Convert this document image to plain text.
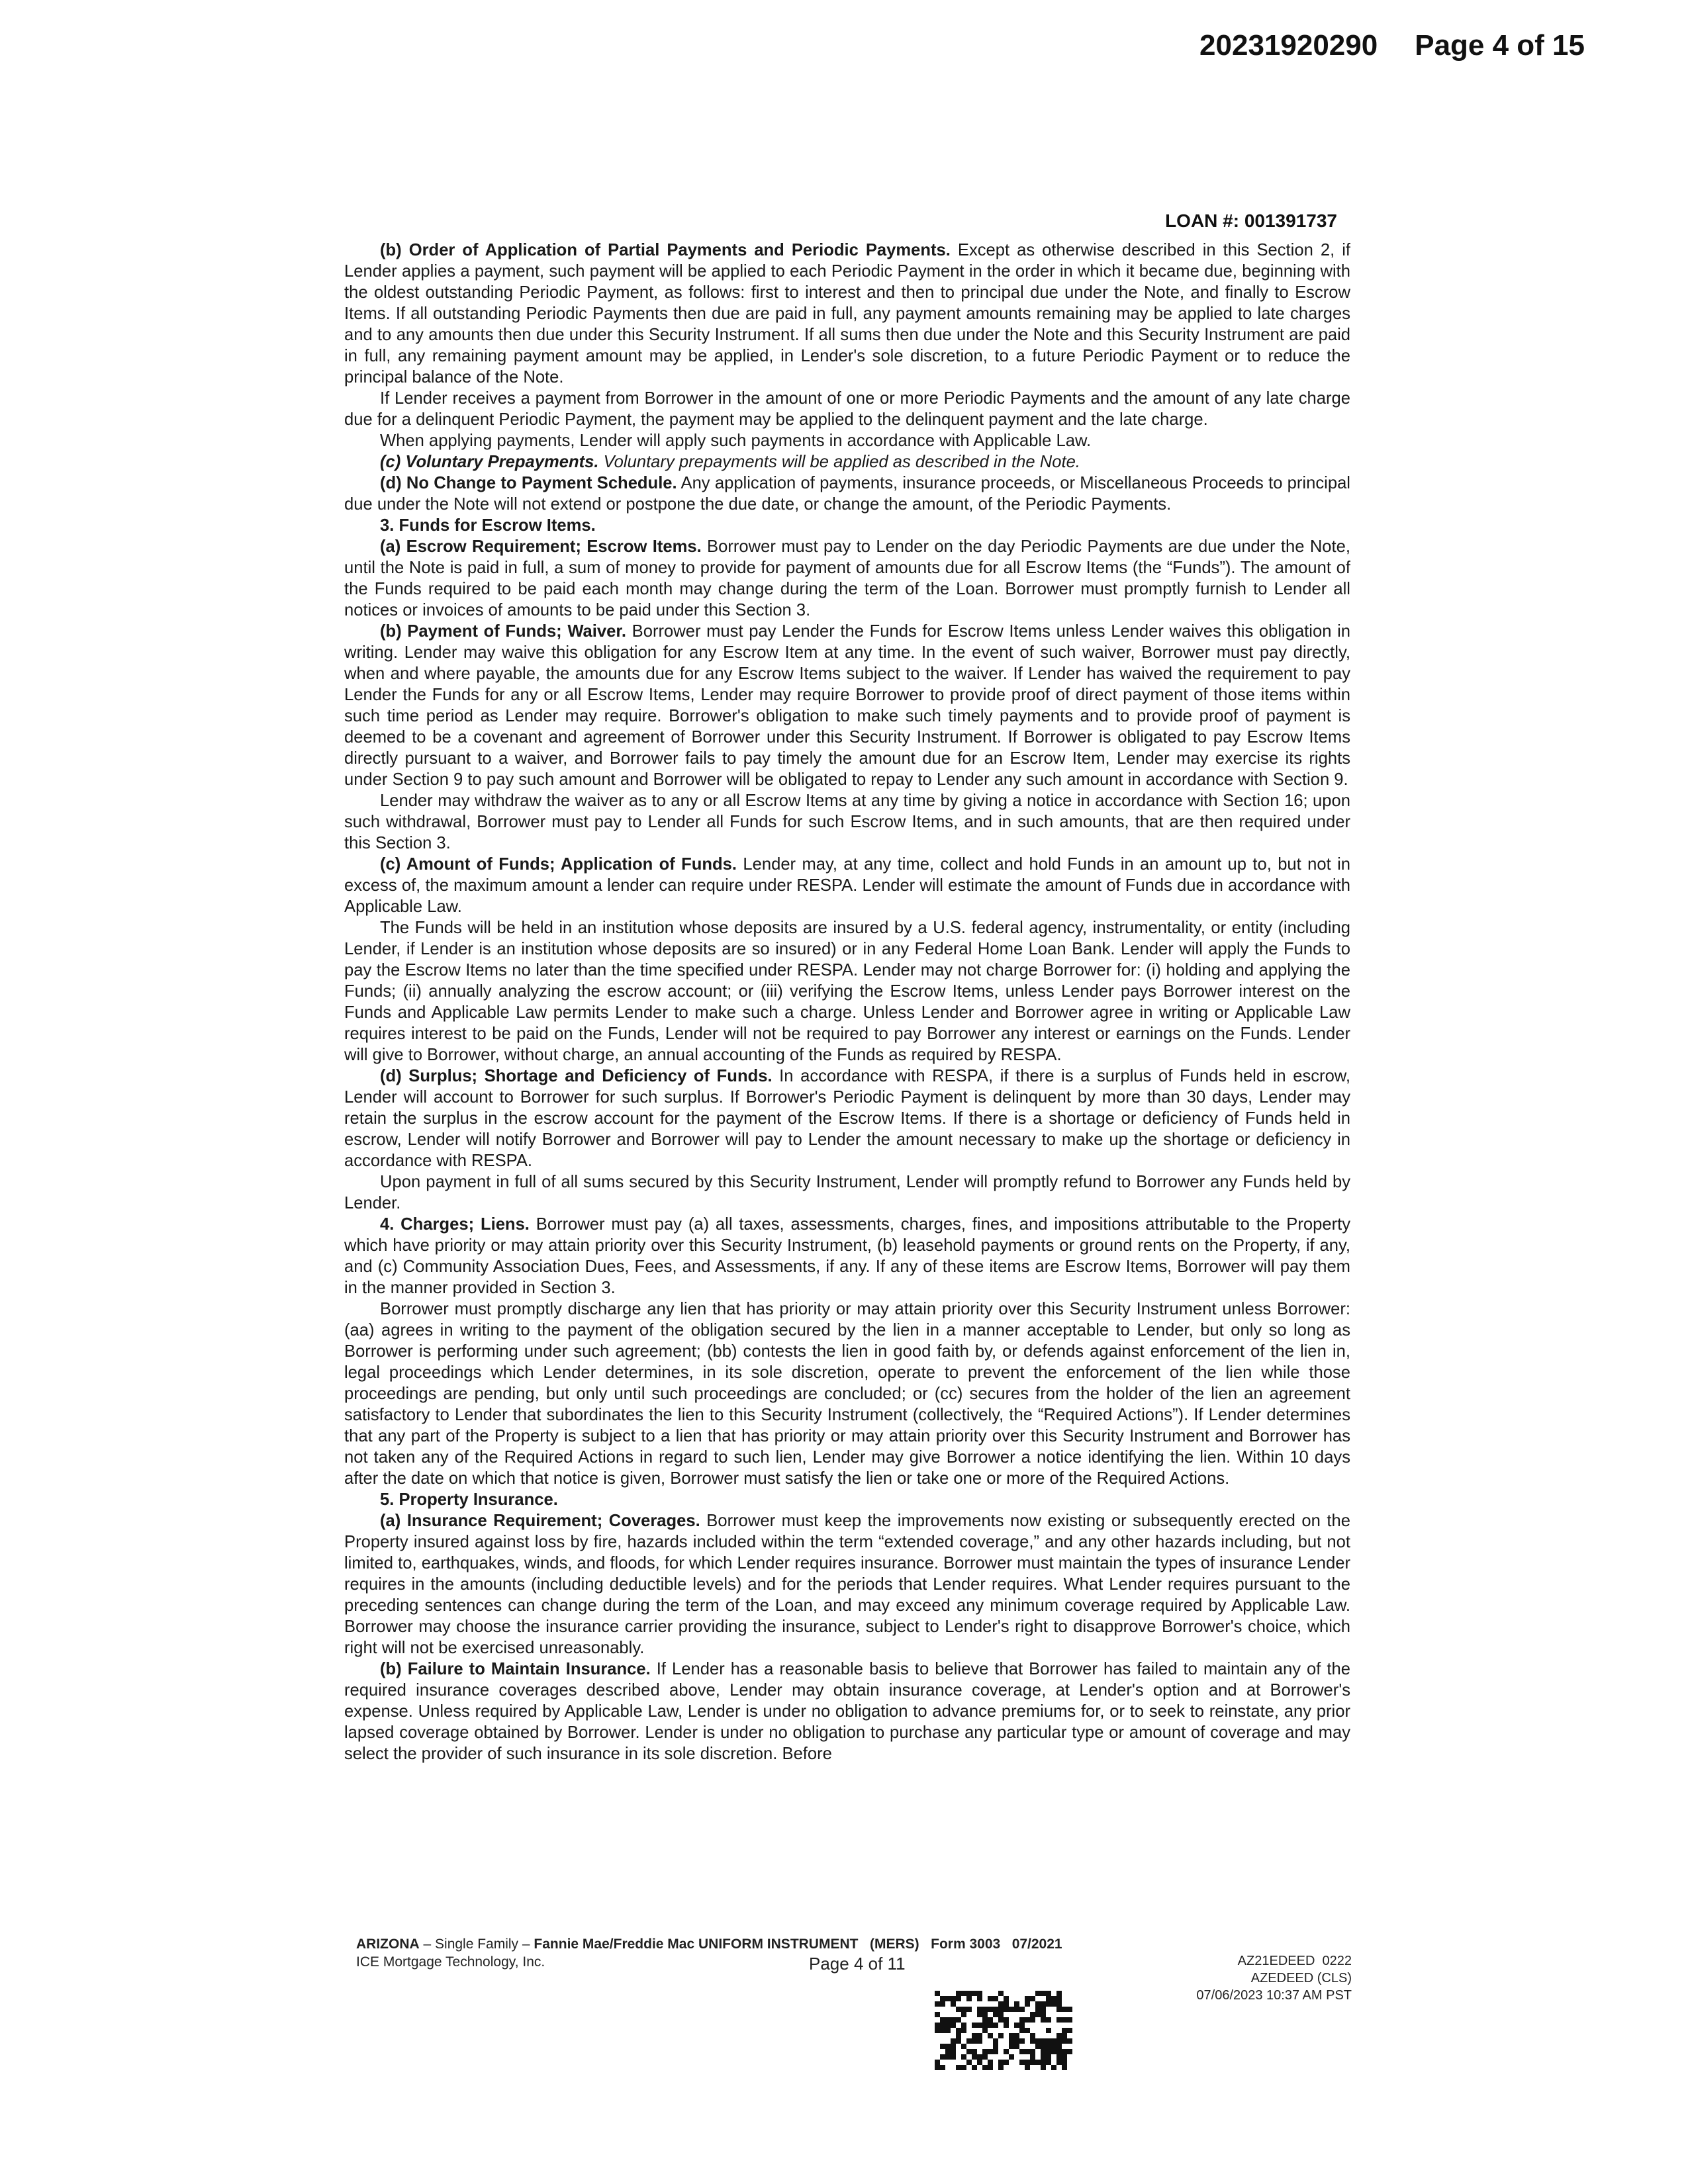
20231920290 Page 4 of 15
LOAN #: 001391737

(b) Order of Application of Partial Payments and Periodic Payments. Except as otherwise described in this Section 2, if Lender applies a payment, such payment will be applied to each Periodic Payment in the order in which it became due, beginning with the oldest outstanding Periodic Payment, as follows: first to interest and then to principal due under the Note, and finally to Escrow Items. If all outstanding Periodic Payments then due are paid in full, any payment amounts remaining may be applied to late charges and to any amounts then due under this Security Instrument. If all sums then due under the Note and this Security Instrument are paid in full, any remaining payment amount may be applied, in Lender's sole discretion, to a future Periodic Payment or to reduce the principal balance of the Note.

If Lender receives a payment from Borrower in the amount of one or more Periodic Payments and the amount of any late charge due for a delinquent Periodic Payment, the payment may be applied to the delinquent payment and the late charge.

When applying payments, Lender will apply such payments in accordance with Applicable Law.

(c) Voluntary Prepayments. Voluntary prepayments will be applied as described in the Note.

(d) No Change to Payment Schedule. Any application of payments, insurance proceeds, or Miscellaneous Proceeds to principal due under the Note will not extend or postpone the due date, or change the amount, of the Periodic Payments.

3. Funds for Escrow Items.

(a) Escrow Requirement; Escrow Items. Borrower must pay to Lender on the day Periodic Payments are due under the Note, until the Note is paid in full, a sum of money to provide for payment of amounts due for all Escrow Items (the “Funds”). The amount of the Funds required to be paid each month may change during the term of the Loan. Borrower must promptly furnish to Lender all notices or invoices of amounts to be paid under this Section 3.

(b) Payment of Funds; Waiver. Borrower must pay Lender the Funds for Escrow Items unless Lender waives this obligation in writing. Lender may waive this obligation for any Escrow Item at any time. In the event of such waiver, Borrower must pay directly, when and where payable, the amounts due for any Escrow Items subject to the waiver. If Lender has waived the requirement to pay Lender the Funds for any or all Escrow Items, Lender may require Borrower to provide proof of direct payment of those items within such time period as Lender may require. Borrower's obligation to make such timely payments and to provide proof of payment is deemed to be a covenant and agreement of Borrower under this Security Instrument. If Borrower is obligated to pay Escrow Items directly pursuant to a waiver, and Borrower fails to pay timely the amount due for an Escrow Item, Lender may exercise its rights under Section 9 to pay such amount and Borrower will be obligated to repay to Lender any such amount in accordance with Section 9.

Lender may withdraw the waiver as to any or all Escrow Items at any time by giving a notice in accordance with Section 16; upon such withdrawal, Borrower must pay to Lender all Funds for such Escrow Items, and in such amounts, that are then required under this Section 3.

(c) Amount of Funds; Application of Funds. Lender may, at any time, collect and hold Funds in an amount up to, but not in excess of, the maximum amount a lender can require under RESPA. Lender will estimate the amount of Funds due in accordance with Applicable Law.

The Funds will be held in an institution whose deposits are insured by a U.S. federal agency, instrumentality, or entity (including Lender, if Lender is an institution whose deposits are so insured) or in any Federal Home Loan Bank. Lender will apply the Funds to pay the Escrow Items no later than the time specified under RESPA. Lender may not charge Borrower for: (i) holding and applying the Funds; (ii) annually analyzing the escrow account; or (iii) verifying the Escrow Items, unless Lender pays Borrower interest on the Funds and Applicable Law permits Lender to make such a charge. Unless Lender and Borrower agree in writing or Applicable Law requires interest to be paid on the Funds, Lender will not be required to pay Borrower any interest or earnings on the Funds. Lender will give to Borrower, without charge, an annual accounting of the Funds as required by RESPA.

(d) Surplus; Shortage and Deficiency of Funds. In accordance with RESPA, if there is a surplus of Funds held in escrow, Lender will account to Borrower for such surplus. If Borrower's Periodic Payment is delinquent by more than 30 days, Lender may retain the surplus in the escrow account for the payment of the Escrow Items. If there is a shortage or deficiency of Funds held in escrow, Lender will notify Borrower and Borrower will pay to Lender the amount necessary to make up the shortage or deficiency in accordance with RESPA.

Upon payment in full of all sums secured by this Security Instrument, Lender will promptly refund to Borrower any Funds held by Lender.

4. Charges; Liens. Borrower must pay (a) all taxes, assessments, charges, fines, and impositions attributable to the Property which have priority or may attain priority over this Security Instrument, (b) leasehold payments or ground rents on the Property, if any, and (c) Community Association Dues, Fees, and Assessments, if any. If any of these items are Escrow Items, Borrower will pay them in the manner provided in Section 3.

Borrower must promptly discharge any lien that has priority or may attain priority over this Security Instrument unless Borrower: (aa) agrees in writing to the payment of the obligation secured by the lien in a manner acceptable to Lender, but only so long as Borrower is performing under such agreement; (bb) contests the lien in good faith by, or defends against enforcement of the lien in, legal proceedings which Lender determines, in its sole discretion, operate to prevent the enforcement of the lien while those proceedings are pending, but only until such proceedings are concluded; or (cc) secures from the holder of the lien an agreement satisfactory to Lender that subordinates the lien to this Security Instrument (collectively, the “Required Actions”). If Lender determines that any part of the Property is subject to a lien that has priority or may attain priority over this Security Instrument and Borrower has not taken any of the Required Actions in regard to such lien, Lender may give Borrower a notice identifying the lien. Within 10 days after the date on which that notice is given, Borrower must satisfy the lien or take one or more of the Required Actions.

5. Property Insurance.

(a) Insurance Requirement; Coverages. Borrower must keep the improvements now existing or subsequently erected on the Property insured against loss by fire, hazards included within the term “extended coverage,” and any other hazards including, but not limited to, earthquakes, winds, and floods, for which Lender requires insurance. Borrower must maintain the types of insurance Lender requires in the amounts (including deductible levels) and for the periods that Lender requires. What Lender requires pursuant to the preceding sentences can change during the term of the Loan, and may exceed any minimum coverage required by Applicable Law. Borrower may choose the insurance carrier providing the insurance, subject to Lender's right to disapprove Borrower's choice, which right will not be exercised unreasonably.

(b) Failure to Maintain Insurance. If Lender has a reasonable basis to believe that Borrower has failed to maintain any of the required insurance coverages described above, Lender may obtain insurance coverage, at Lender's option and at Borrower's expense. Unless required by Applicable Law, Lender is under no obligation to advance premiums for, or to seek to reinstate, any prior lapsed coverage obtained by Borrower. Lender is under no obligation to purchase any particular type or amount of coverage and may select the provider of such insurance in its sole discretion. Before

ARIZONA – Single Family – Fannie Mae/Freddie Mac UNIFORM INSTRUMENT   (MERS)   Form 3003   07/2021
ICE Mortgage Technology, Inc.	Page 4 of 11	AZ21EDEED  0222
AZEDEED (CLS)
07/06/2023 10:37 AM PST
